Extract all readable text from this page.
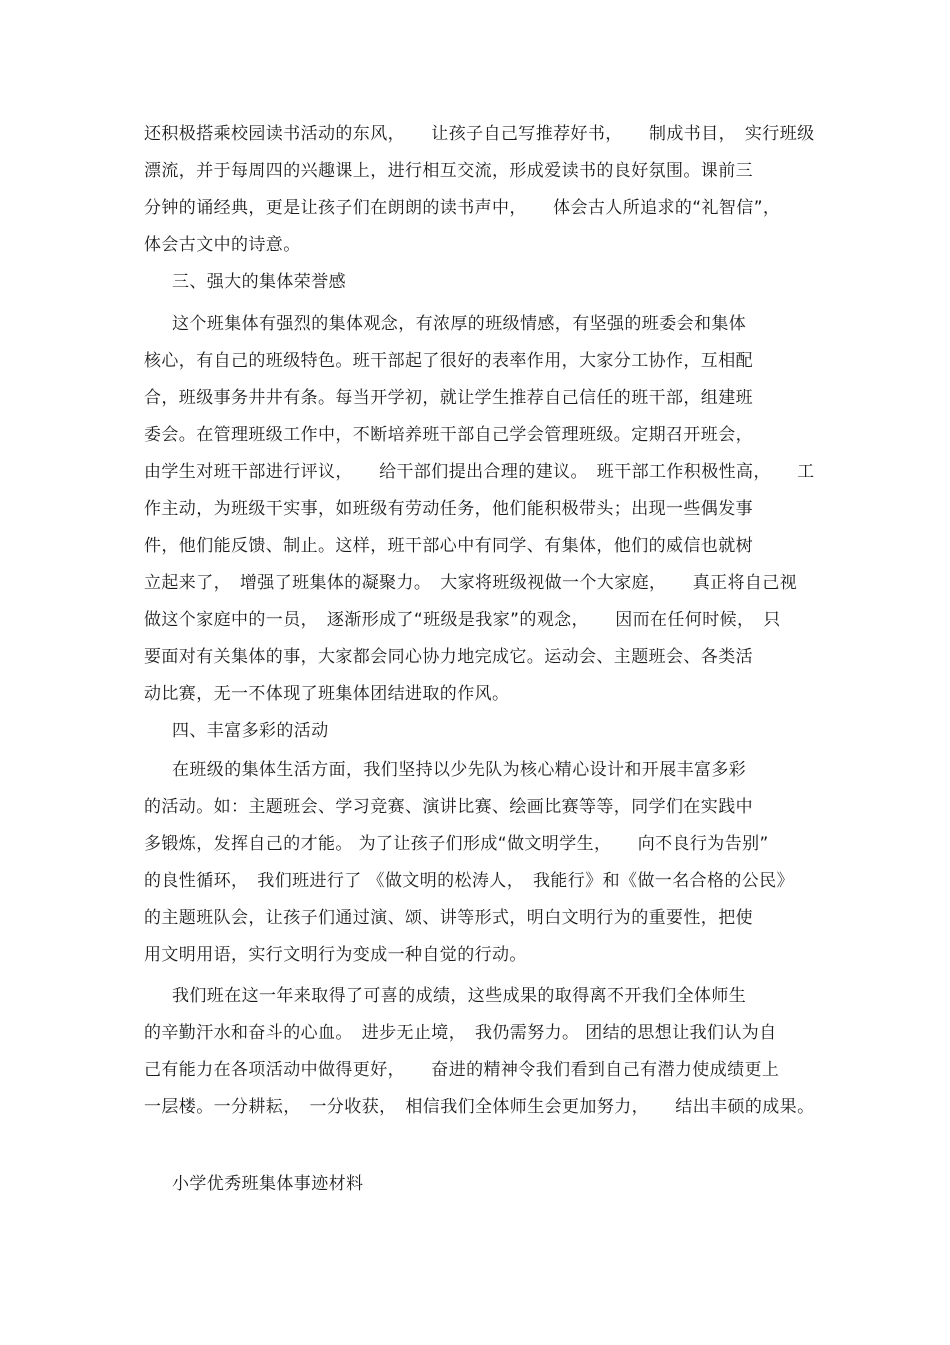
还积极搭乘校园读书活动的东风，　　让孩子自己写推荐好书，　　制成书目，　实行班级
漂流，并于每周四的兴趣课上，进行相互交流，形成爱读书的良好氛围。课前三
分钟的诵经典，更是让孩子们在朗朗的读书声中，　　体会古人所追求的“礼智信”，
体会古文中的诗意。
三、强大的集体荣誉感
这个班集体有强烈的集体观念，有浓厚的班级情感，有坚强的班委会和集体
核心，有自己的班级特色。班干部起了很好的表率作用，大家分工协作，互相配
合，班级事务井井有条。每当开学初，就让学生推荐自己信任的班干部，组建班
委会。在管理班级工作中，不断培养班干部自己学会管理班级。定期召开班会，
由学生对班干部进行评议，　　给干部们提出合理的建议。　班干部工作积极性高，　　工
作主动，为班级干实事，如班级有劳动任务，他们能积极带头；出现一些偶发事
件，他们能反馈、制止。这样，班干部心中有同学、有集体，他们的威信也就树
立起来了，　增强了班集体的凝聚力。　大家将班级视做一个大家庭，　　真正将自己视
做这个家庭中的一员，　逐渐形成了“班级是我家”的观念，　　因而在任何时候，　只
要面对有关集体的事，大家都会同心协力地完成它。运动会、主题班会、各类活
动比赛，无一不体现了班集体团结进取的作风。
四、丰富多彩的活动
在班级的集体生活方面，我们坚持以少先队为核心精心设计和开展丰富多彩
的活动。如：主题班会、学习竞赛、演讲比赛、绘画比赛等等，同学们在实践中
多锻炼，发挥自己的才能。 为了让孩子们形成“做文明学生，　　向不良行为告别”
的良性循环，　我们班进行了 《做文明的松涛人，　我能行》和《做一名合格的公民》
的主题班队会，让孩子们通过演、颂、讲等形式，明白文明行为的重要性，把使
用文明用语，实行文明行为变成一种自觉的行动。
我们班在这一年来取得了可喜的成绩，这些成果的取得离不开我们全体师生
的辛勤汗水和奋斗的心血。　进步无止境，　我仍需努力。 团结的思想让我们认为自
己有能力在各项活动中做得更好，　　奋进的精神令我们看到自己有潜力使成绩更上
一层楼。一分耕耘，　一分收获，　相信我们全体师生会更加努力，　　结出丰硕的成果。
小学优秀班集体事迹材料
